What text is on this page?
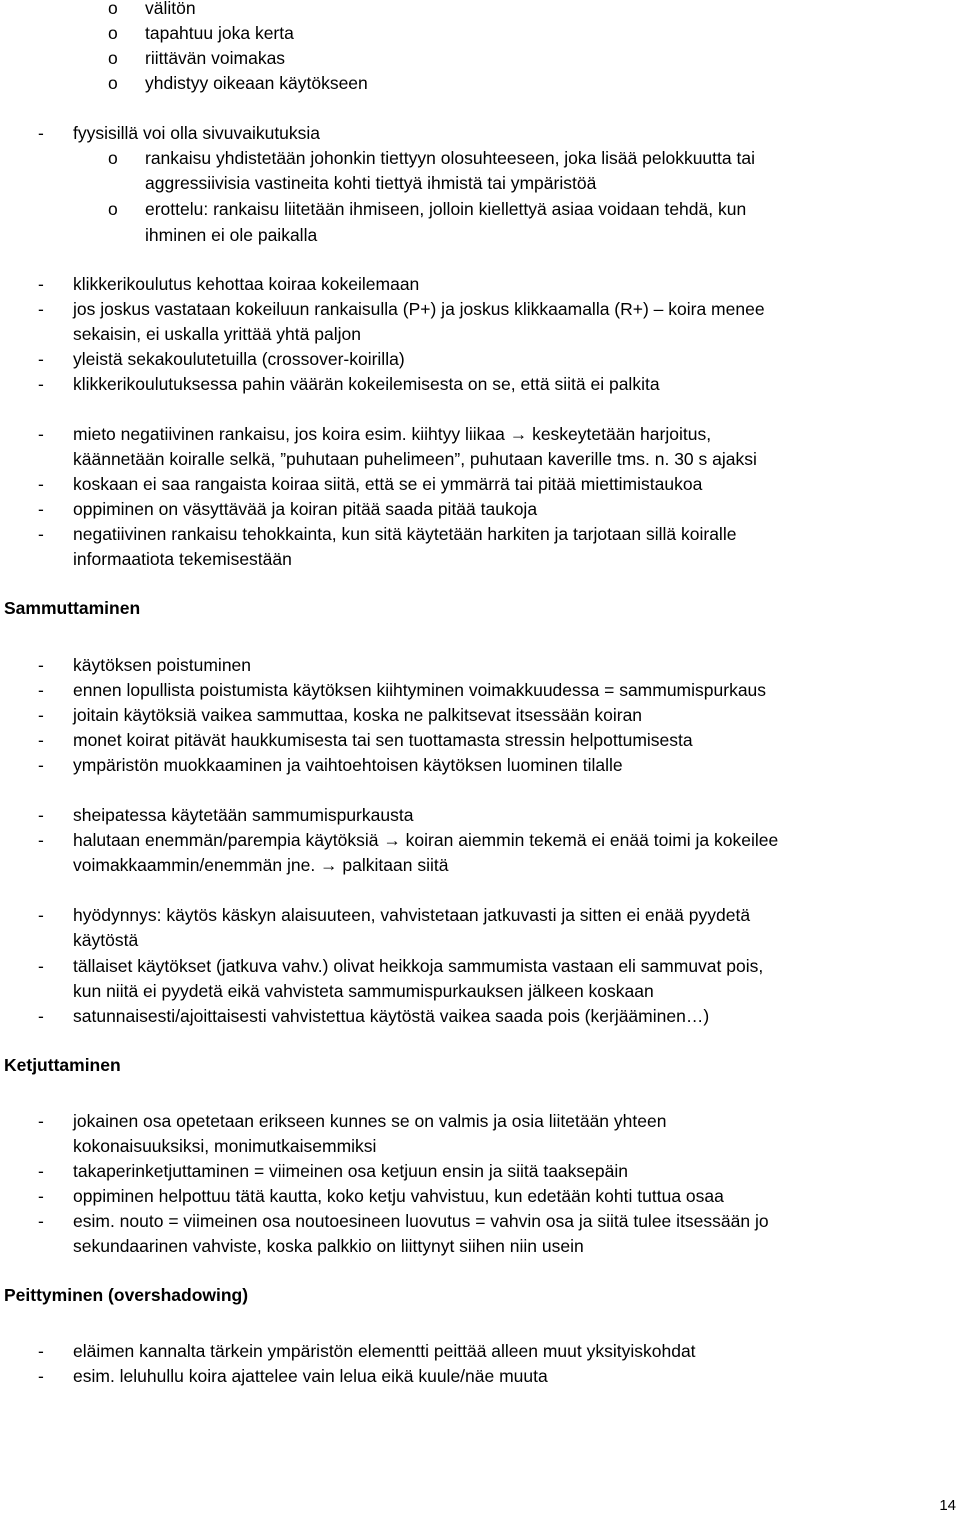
o	välitön
o	tapahtuu joka kerta
o	riittävän voimakas
o	yhdistyy oikeaan käytökseen
-	fyysisillä voi olla sivuvaikutuksia
o	rankaisu yhdistetään johonkin tiettyyn olosuhteeseen, joka lisää pelokkuutta tai
aggressiivisia vastineita kohti tiettyä ihmistä tai ympäristöä
o	erottelu: rankaisu liitetään ihmiseen, jolloin kiellettyä asiaa voidaan tehdä, kun
ihminen ei ole paikalla
-	klikkerikoulutus kehottaa koiraa kokeilemaan
-	jos joskus vastataan kokeiluun rankaisulla (P+) ja joskus klikkaamalla (R+) – koira menee
sekaisin, ei uskalla yrittää yhtä paljon
-	yleistä sekakoulutetuilla (crossover-koirilla)
-	klikkerikoulutuksessa pahin väärän kokeilemisesta on se, että siitä ei palkita
-	mieto negatiivinen rankaisu, jos koira esim. kiihtyy liikaa → keskeytetään harjoitus,
käännetään koiralle selkä, ”puhutaan puhelimeen”, puhutaan kaverille tms. n. 30 s ajaksi
-	koskaan ei saa rangaista koiraa siitä, että se ei ymmärrä tai pitää miettimistaukoa
-	oppiminen on väsyttävää ja koiran pitää saada pitää taukoja
-	negatiivinen rankaisu tehokkainta, kun sitä käytetään harkiten ja tarjotaan sillä koiralle
informaatiota tekemisestään
Sammuttaminen
-	käytöksen poistuminen
-	ennen lopullista poistumista käytöksen kiihtyminen voimakkuudessa = sammumispurkaus
-	joitain käytöksiä vaikea sammuttaa, koska ne palkitsevat itsessään koiran
-	monet koirat pitävät haukkumisesta tai sen tuottamasta stressin helpottumisesta
-	ympäristön muokkaaminen ja vaihtoehtoisen käytöksen luominen tilalle
-	sheipatessa käytetään sammumispurkausta
-	halutaan enemmän/parempia käytöksiä → koiran aiemmin tekemä ei enää toimi ja kokeilee
voimakkaammin/enemmän jne. → palkitaan siitä
-	hyödynnys: käytös käskyn alaisuuteen, vahvistetaan jatkuvasti ja sitten ei enää pyydetä
käytöstä
-	tällaiset käytökset (jatkuva vahv.) olivat heikkoja sammumista vastaan eli sammuvat pois,
kun niitä ei pyydetä eikä vahvisteta sammumispurkauksen jälkeen koskaan
-	satunnaisesti/ajoittaisesti vahvistettua käytöstä vaikea saada pois (kerjääminen…)
Ketjuttaminen
-	jokainen osa opetetaan erikseen kunnes se on valmis ja osia liitetään yhteen
kokonaisuuksiksi, monimutkaisemmiksi
-	takaperinketjuttaminen = viimeinen osa ketjuun ensin ja siitä taaksepäin
-	oppiminen helpottuu tätä kautta, koko ketju vahvistuu, kun edetään kohti tuttua osaa
-	esim. nouto = viimeinen osa noutoesineen luovutus = vahvin osa ja siitä tulee itsessään jo
sekundaarinen vahviste, koska palkkio on liittynyt siihen niin usein
Peittyminen (overshadowing)
-	eläimen kannalta tärkein ympäristön elementti peittää alleen muut yksityiskohdat
-	esim. leluhullu koira ajattelee vain lelua eikä kuule/näe muuta
14
